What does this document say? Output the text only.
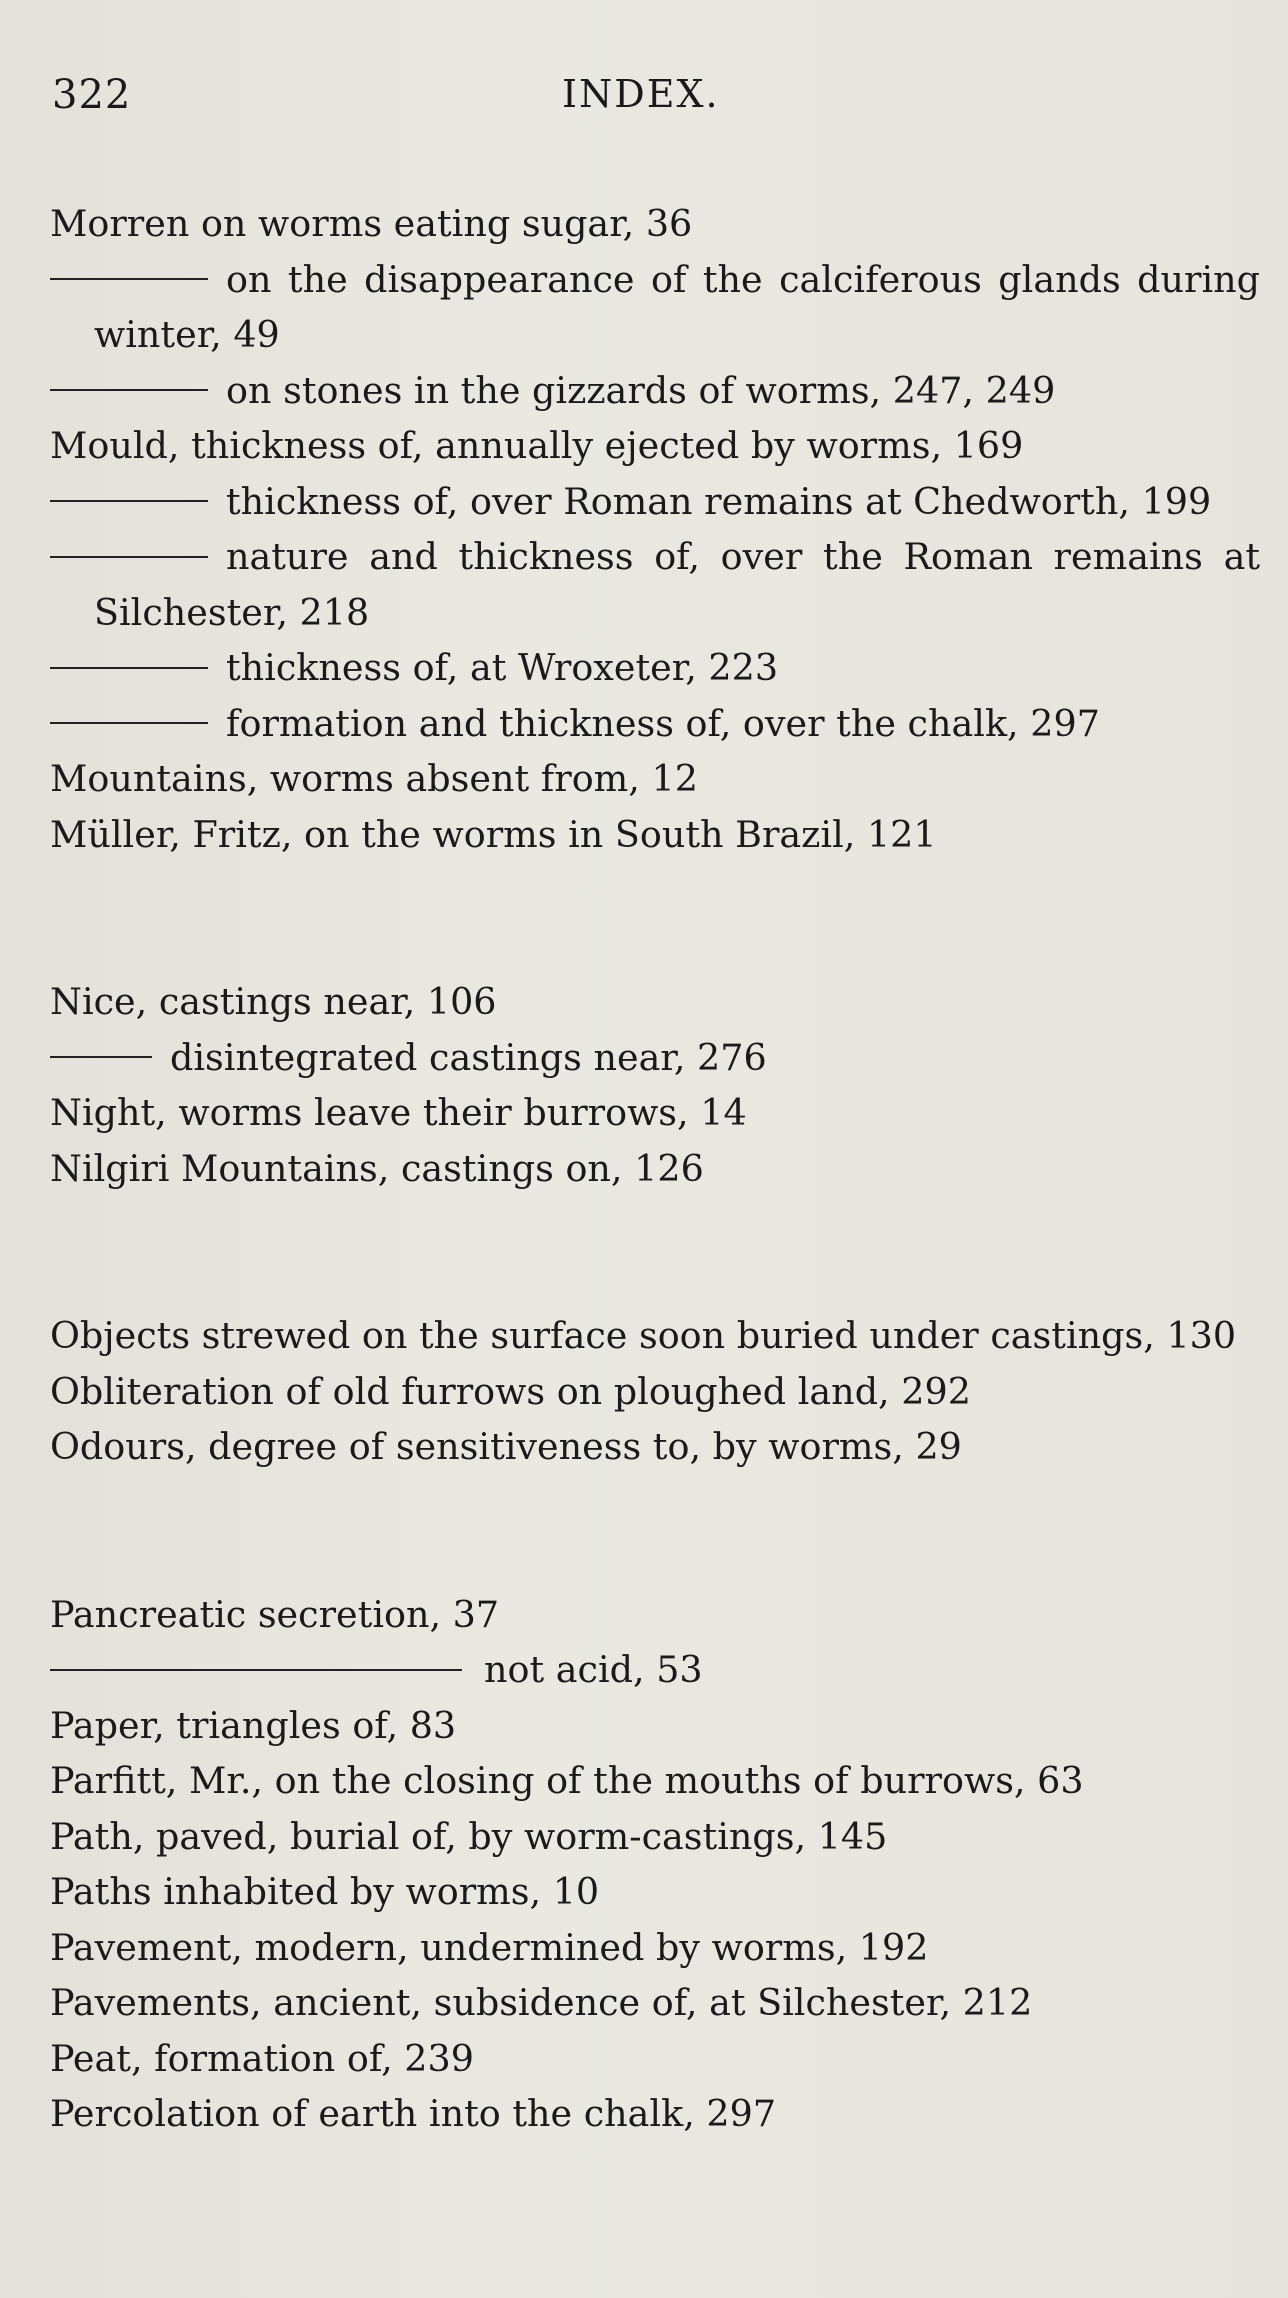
322	INDEX.
Morren on worms eating sugar, 36
on the disappearance of the calciferous glands during winter, 49
on stones in the gizzards of worms, 247, 249
Mould, thickness of, annually ejected by worms, 169
thickness of, over Roman remains at Chedworth, 199
nature and thickness of, over the Roman remains at Silchester, 218
thickness of, at Wroxeter, 223
formation and thickness of, over the chalk, 297
Mountains, worms absent from, 12
Müller, Fritz, on the worms in South Brazil, 121
Nice, castings near, 106
disintegrated castings near, 276
Night, worms leave their burrows, 14
Nilgiri Mountains, castings on, 126
Objects strewed on the surface soon buried under castings, 130
Obliteration of old furrows on ploughed land, 292
Odours, degree of sensitiveness to, by worms, 29
Pancreatic secretion, 37
not acid, 53
Paper, triangles of, 83
Parfitt, Mr., on the closing of the mouths of burrows, 63
Path, paved, burial of, by worm-castings, 145
Paths inhabited by worms, 10
Pavement, modern, undermined by worms, 192
Pavements, ancient, subsidence of, at Silchester, 212
Peat, formation of, 239
Percolation of earth into the chalk, 297
